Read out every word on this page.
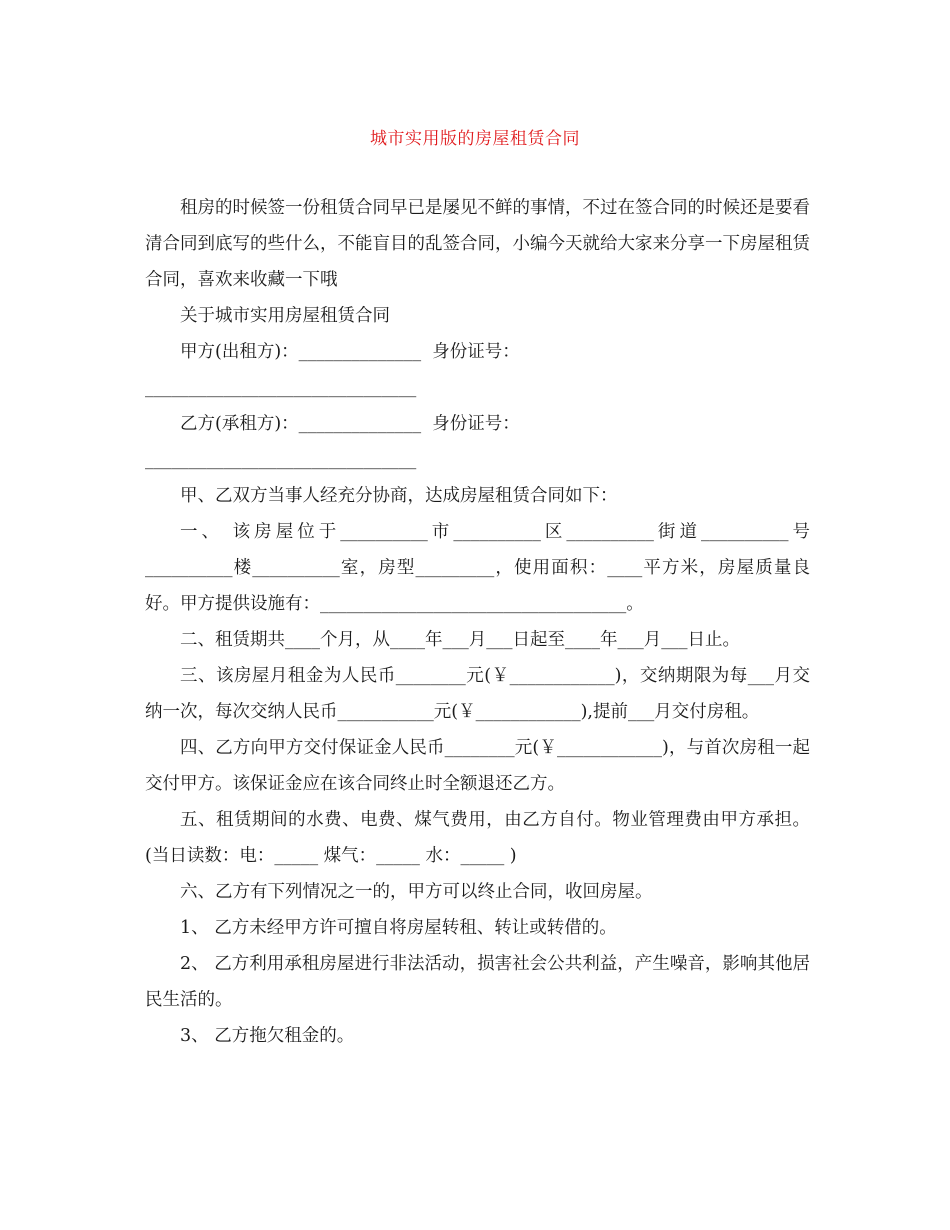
城市实用版的房屋租赁合同

租房的时候签一份租赁合同早已是屡见不鲜的事情，不过在签合同的时候还是要看清合同到底写的些什么，不能盲目的乱签合同，小编今天就给大家来分享一下房屋租赁合同，喜欢来收藏一下哦

关于城市实用房屋租赁合同

甲方(出租方)：______________  身份证号：

_______________________________

乙方(承租方)：______________  身份证号：

_______________________________

甲、乙双方当事人经充分协商，达成房屋租赁合同如下：

一、 该房屋位于__________市__________区__________街道__________号__________楼__________室，房型_________，使用面积：____平方米，房屋质量良好。甲方提供设施有：___________________________________。

二、租赁期共____个月，从____年___月___日起至____年___月___日止。

三、该房屋月租金为人民币________元(￥____________)，交纳期限为每___月交纳一次，每次交纳人民币___________元(￥____________),提前___月交付房租。

四、乙方向甲方交付保证金人民币________元(￥____________)，与首次房租一起交付甲方。该保证金应在该合同终止时全额退还乙方。

五、租赁期间的水费、电费、煤气费用，由乙方自付。物业管理费由甲方承担。(当日读数：电：_____ 煤气：_____ 水：_____ )

六、乙方有下列情况之一的，甲方可以终止合同，收回房屋。

1、 乙方未经甲方许可擅自将房屋转租、转让或转借的。

2、 乙方利用承租房屋进行非法活动，损害社会公共利益，产生噪音，影响其他居民生活的。

3、 乙方拖欠租金的。
